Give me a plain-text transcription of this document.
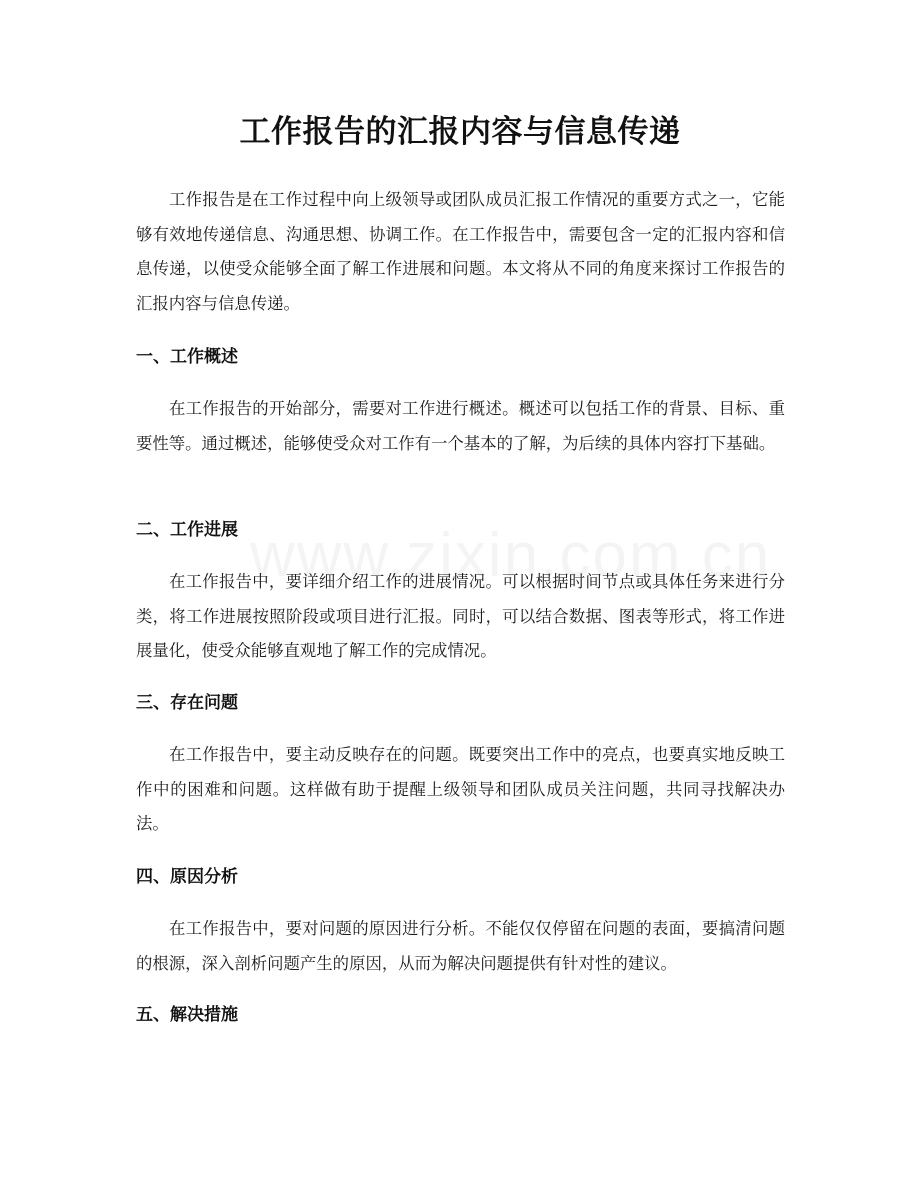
工作报告的汇报内容与信息传递

工作报告是在工作过程中向上级领导或团队成员汇报工作情况的重要方式之一，它能够有效地传递信息、沟通思想、协调工作。在工作报告中，需要包含一定的汇报内容和信息传递，以使受众能够全面了解工作进展和问题。本文将从不同的角度来探讨工作报告的汇报内容与信息传递。

一、工作概述

在工作报告的开始部分，需要对工作进行概述。概述可以包括工作的背景、目标、重要性等。通过概述，能够使受众对工作有一个基本的了解，为后续的具体内容打下基础。

二、工作进展

在工作报告中，要详细介绍工作的进展情况。可以根据时间节点或具体任务来进行分类，将工作进展按照阶段或项目进行汇报。同时，可以结合数据、图表等形式，将工作进展量化，使受众能够直观地了解工作的完成情况。

三、存在问题

在工作报告中，要主动反映存在的问题。既要突出工作中的亮点，也要真实地反映工作中的困难和问题。这样做有助于提醒上级领导和团队成员关注问题，共同寻找解决办法。

四、原因分析

在工作报告中，要对问题的原因进行分析。不能仅仅停留在问题的表面，要搞清问题的根源，深入剖析问题产生的原因，从而为解决问题提供有针对性的建议。

五、解决措施
